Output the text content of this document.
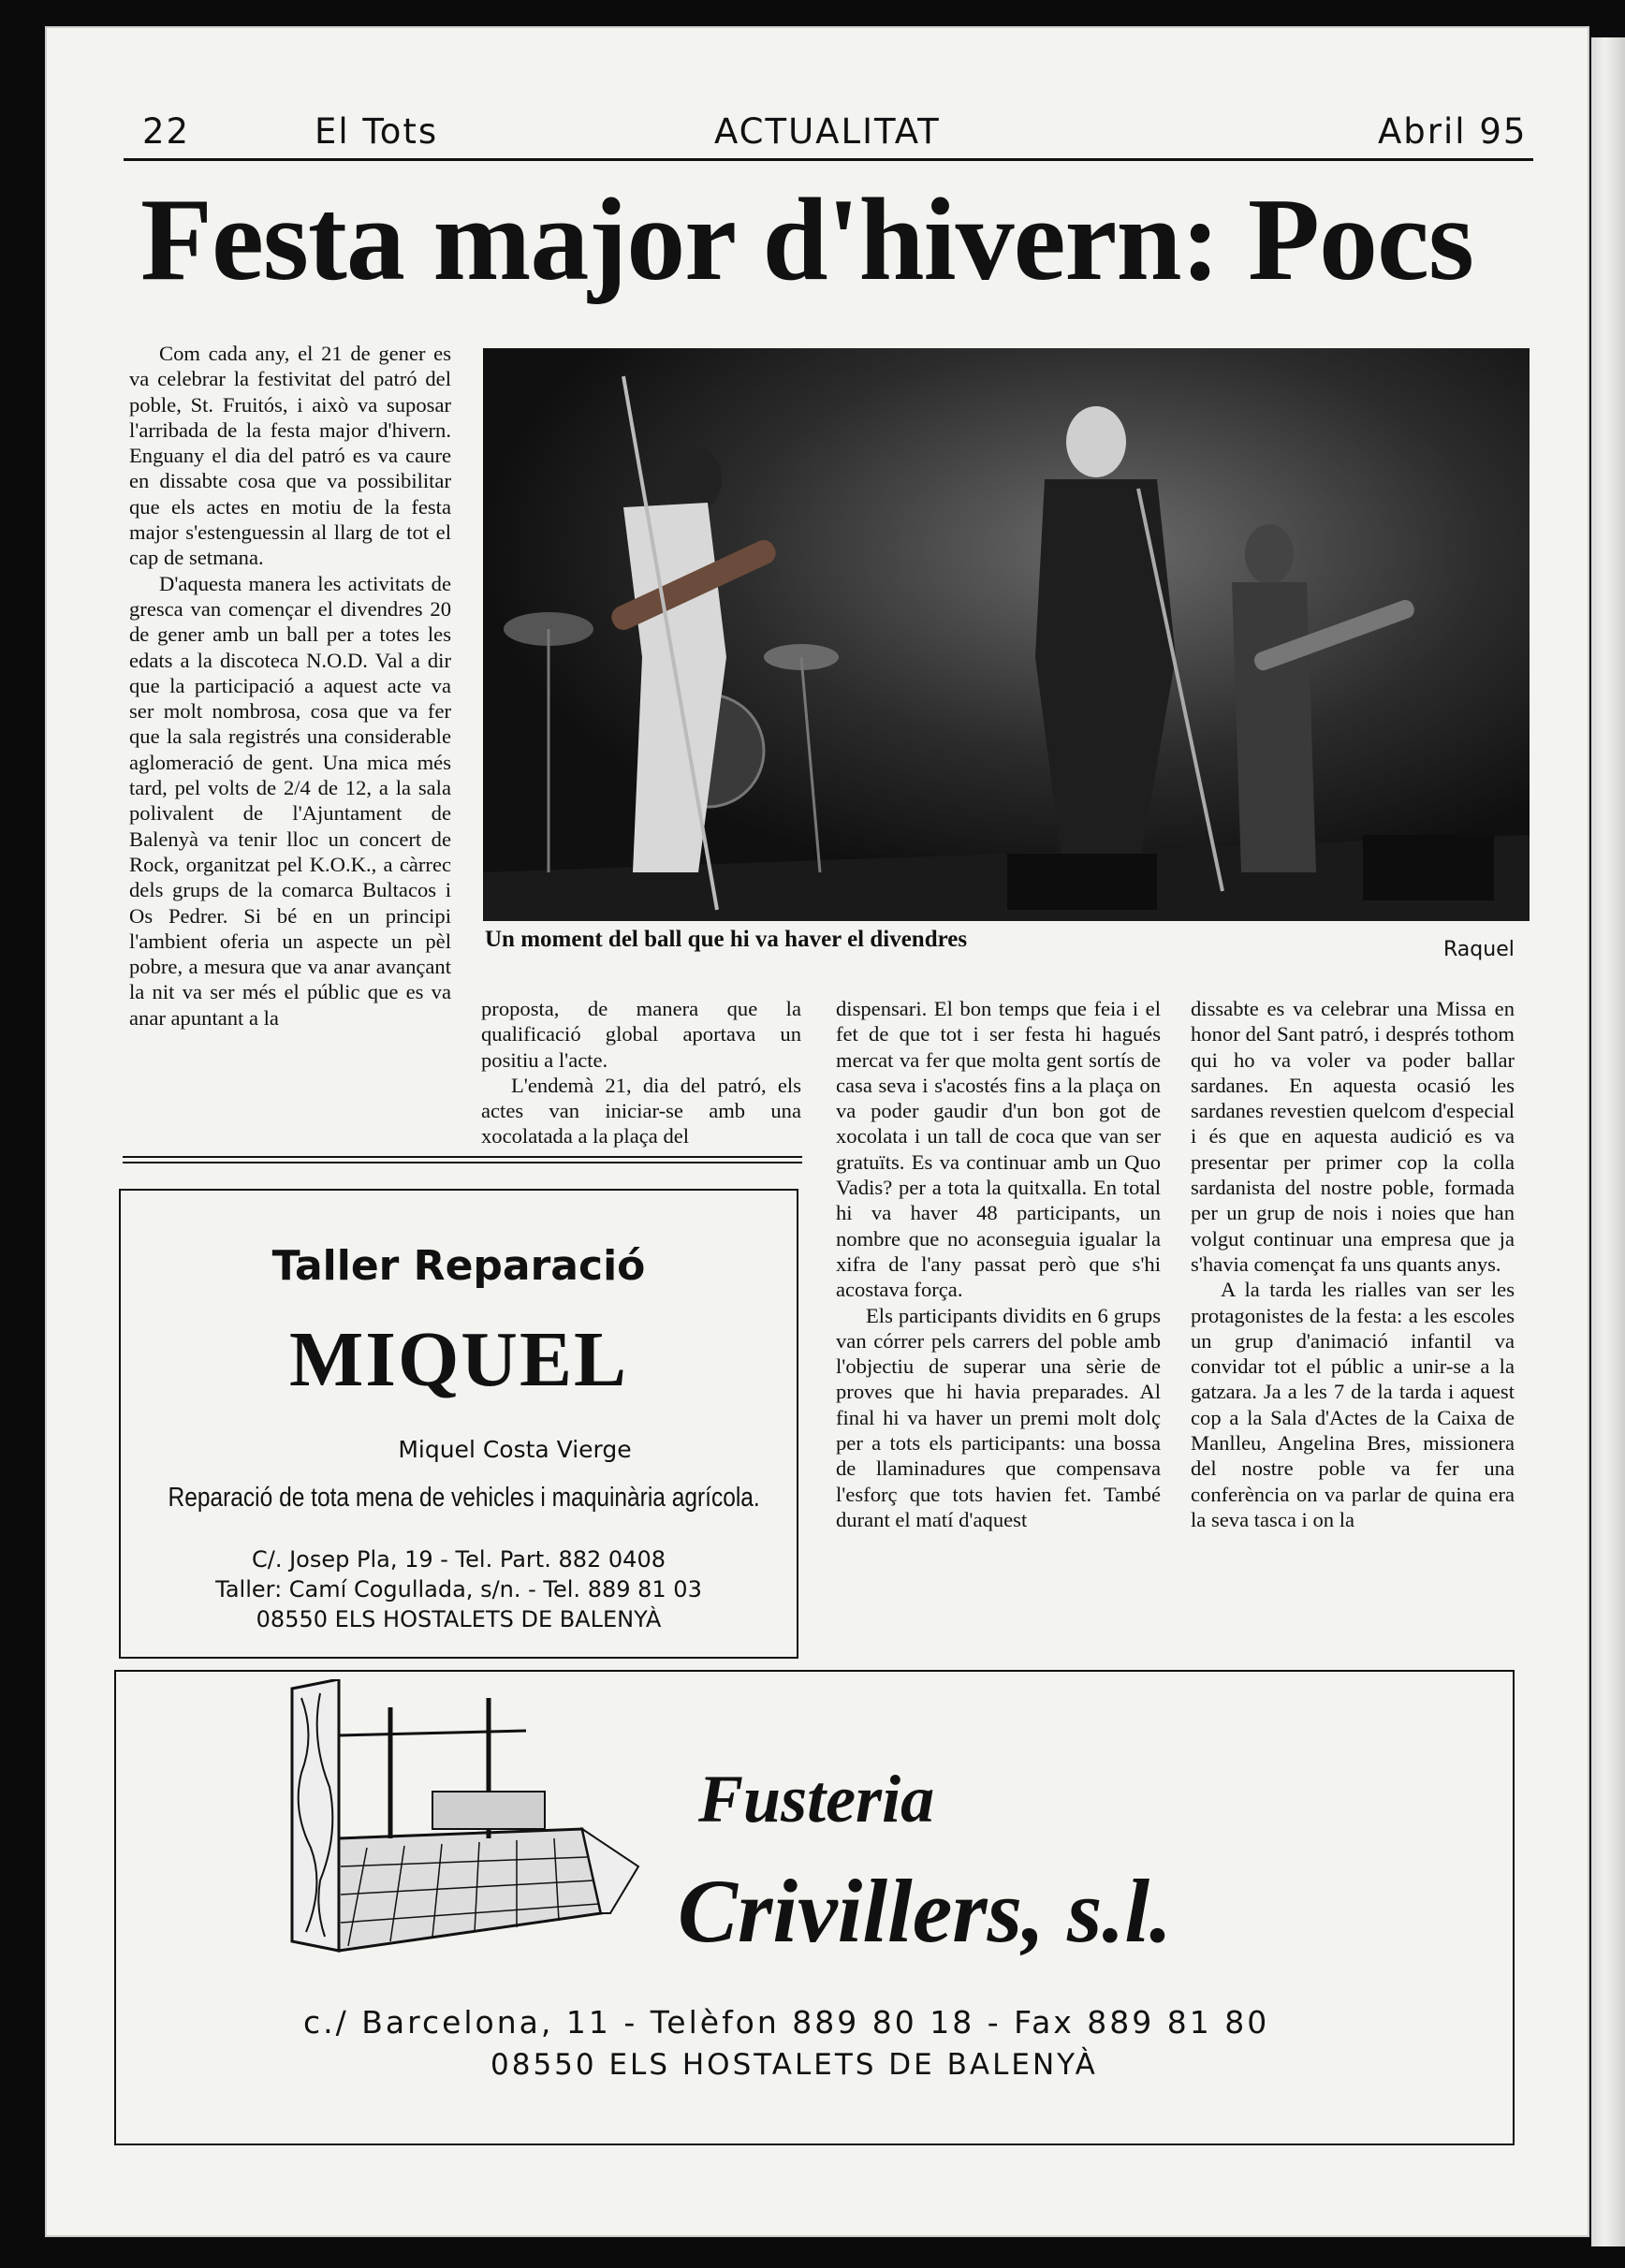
22	El Tots	ACTUALITAT	Abril 95
Festa major d'hivern: Pocs

Com cada any, el 21 de gener es va celebrar la festivitat del patró del poble, St. Fruitós, i això va suposar l'arribada de la festa major d'hivern. Enguany el dia del patró es va caure en dissabte cosa que va possibilitar que els actes en motiu de la festa major s'estenguessin al llarg de tot el cap de setmana.

D'aquesta manera les activitats de gresca van començar el divendres 20 de gener amb un ball per a totes les edats a la discoteca N.O.D. Val a dir que la participació a aquest acte va ser molt nombrosa, cosa que va fer que la sala registrés una considerable aglomeració de gent. Una mica més tard, pel volts de 2/4 de 12, a la sala polivalent de l'Ajuntament de Balenyà va tenir lloc un concert de Rock, organitzat pel K.O.K., a càrrec dels grups de la comarca Bultacos i Os Pedrer. Si bé en un principi l'ambient oferia un aspecte un pèl pobre, a mesura que va anar avançant la nit va ser més el públic que es va anar apuntant a la

Un moment del ball que hi va haver el divendres	Raquel

proposta, de manera que la qualificació global aportava un positiu a l'acte.

L'endemà 21, dia del patró, els actes van iniciar-se amb una xocolatada a la plaça del

dispensari. El bon temps que feia i el fet de que tot i ser festa hi hagués mercat va fer que molta gent sortís de casa seva i s'acostés fins a la plaça on va poder gaudir d'un bon got de xocolata i un tall de coca que van ser gratuïts. Es va continuar amb un Quo Vadis? per a tota la quitxalla. En total hi va haver 48 participants, un nombre que no aconseguia igualar la xifra de l'any passat però que s'hi acostava força.

Els participants dividits en 6 grups van córrer pels carrers del poble amb l'objectiu de superar una sèrie de proves que hi havia preparades. Al final hi va haver un premi molt dolç per a tots els participants: una bossa de llaminadures que compensava l'esforç que tots havien fet. També durant el matí d'aquest

dissabte es va celebrar una Missa en honor del Sant patró, i després tothom qui ho va voler va poder ballar sardanes. En aquesta ocasió les sardanes revestien quelcom d'especial i és que en aquesta audició es va presentar per primer cop la colla sardanista del nostre poble, formada per un grup de nois i noies que han volgut continuar una empresa que ja s'havia començat fa uns quants anys.

A la tarda les rialles van ser les protagonistes de la festa: a les escoles un grup d'animació infantil va convidar tot el públic a unir-se a la gatzara. Ja a les 7 de la tarda i aquest cop a la Sala d'Actes de la Caixa de Manlleu, Angelina Bres, missionera del nostre poble va fer una conferència on va parlar de quina era la seva tasca i on la

Taller Reparació
MIQUEL
Miquel Costa Vierge
Reparació de tota mena de vehicles i maquinària agrícola.
C/. Josep Pla, 19 - Tel. Part. 882 0408
Taller: Camí Cogullada, s/n. - Tel. 889 81 03
08550 ELS HOSTALETS DE BALENYÀ
Fusteria
Crivillers, s.l.
c./ Barcelona, 11 - Telèfon 889 80 18 - Fax 889 81 80
08550 ELS HOSTALETS DE BALENYÀ
